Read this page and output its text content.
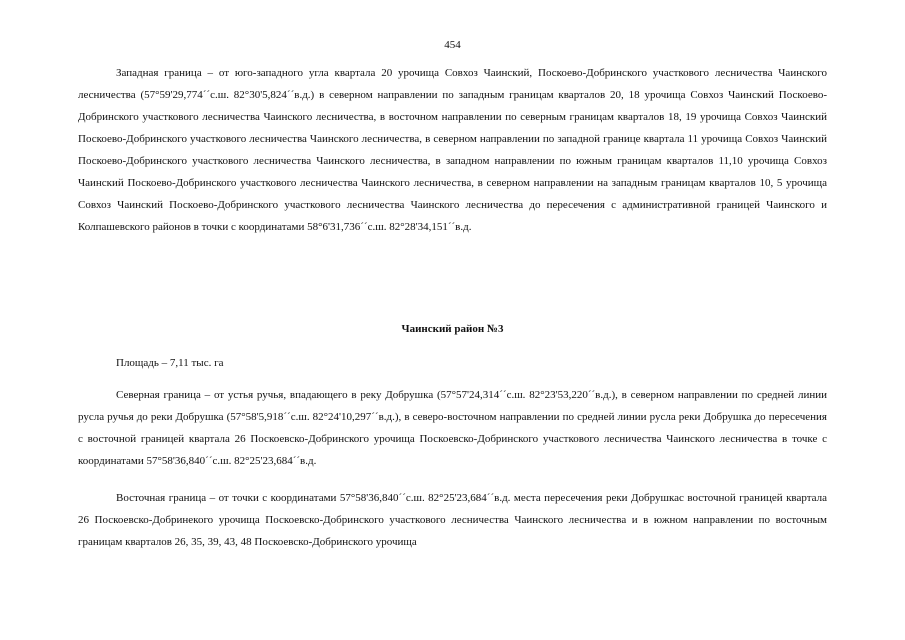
454

Западная граница – от юго-западного угла квартала 20 урочища Совхоз Чаинский, Поскоево-Добринского участкового лесничества Чаинского лесничества (57°59'29,774´´с.ш. 82°30'5,824´´в.д.) в северном направлении по западным границам кварталов 20, 18 урочища Совхоз Чаинский Поскоево-Добринского участкового лесничества Чаинского лесничества, в восточном направлении по северным границам кварталов 18, 19 урочища Совхоз Чаинский Поскоево-Добринского участкового лесничества Чаинского лесничества, в северном направлении по западной границе квартала 11 урочища Совхоз Чаинский Поскоево-Добринского участкового лесничества Чаинского лесничества, в западном направлении по южным границам кварталов 11,10 урочища Совхоз Чаинский Поскоево-Добринского участкового лесничества Чаинского лесничества, в северном направлении на западным границам кварталов 10, 5 урочища Совхоз Чаинский Поскоево-Добринского участкового лесничества Чаинского лесничества до пересечения с административной границей Чаинского и Колпашевского районов в точки с координатами 58°6'31,736´´с.ш. 82°28'34,151´´в.д.

Чаинский район №3

Площадь – 7,11 тыс. га

Северная граница – от устья ручья, впадающего в реку Добрушка (57°57'24,314´´с.ш. 82°23'53,220´´в.д.), в северном направлении по средней линии русла ручья до реки Добрушка (57°58'5,918´´с.ш. 82°24'10,297´´в.д.), в северо-восточном направлении по средней линии русла реки Добрушка до пересечения с восточной границей квартала 26 Поскоевско-Добринского урочища Поскоевско-Добринского участкового лесничества Чаинского лесничества в точке с координатами 57°58'36,840´´с.ш. 82°25'23,684´´в.д.

Восточная граница – от точки с координатами 57°58'36,840´´с.ш. 82°25'23,684´´в.д. места пересечения реки Добрушкас восточной границей квартала 26 Поскоевско-Добринекого урочища Поскоевско-Добринского участкового лесничества Чаинского лесничества и в южном направлении по восточным границам кварталов 26, 35, 39, 43, 48 Поскоевско-Добринского урочища
